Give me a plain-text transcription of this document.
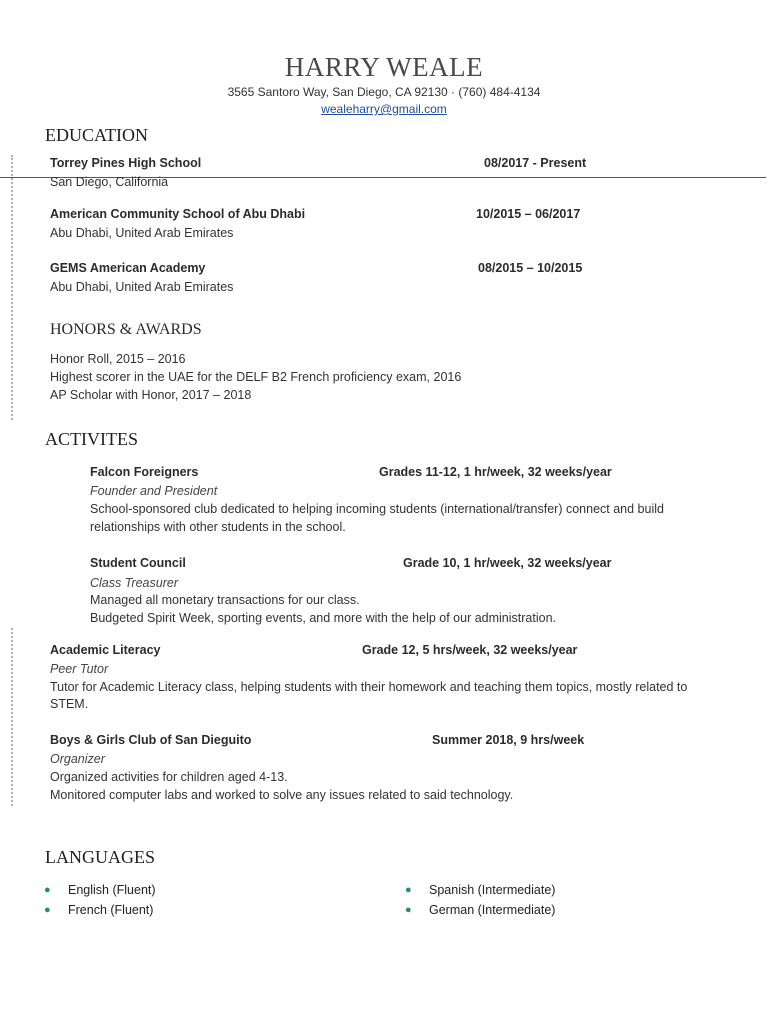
HARRY WEALE
3565 Santoro Way, San Diego, CA 92130 · (760) 484-4134
wealeharry@gmail.com
EDUCATION
Torrey Pines High School	08/2017 - Present
San Diego, California
American Community School of Abu Dhabi	10/2015 – 06/2017
Abu Dhabi, United Arab Emirates
GEMS American Academy	08/2015 – 10/2015
Abu Dhabi, United Arab Emirates
HONORS & AWARDS
Honor Roll, 2015 – 2016
Highest scorer in the UAE for the DELF B2 French proficiency exam, 2016
AP Scholar with Honor, 2017 – 2018
ACTIVITES
Falcon Foreigners	Grades 11-12, 1 hr/week, 32 weeks/year
Founder and President
School-sponsored club dedicated to helping incoming students (international/transfer) connect and build
relationships with other students in the school.
Student Council	Grade 10, 1 hr/week, 32 weeks/year
Class Treasurer
Managed all monetary transactions for our class.
Budgeted Spirit Week, sporting events, and more with the help of our administration.
Academic Literacy	Grade 12, 5 hrs/week, 32 weeks/year
Peer Tutor
Tutor for Academic Literacy class, helping students with their homework and teaching them topics, mostly related to
STEM.
Boys & Girls Club of San Dieguito	Summer 2018, 9 hrs/week
Organizer
Organized activities for children aged 4-13.
Monitored computer labs and worked to solve any issues related to said technology.
LANGUAGES
● English (Fluent)
● French (Fluent)
● Spanish (Intermediate)
● German (Intermediate)
